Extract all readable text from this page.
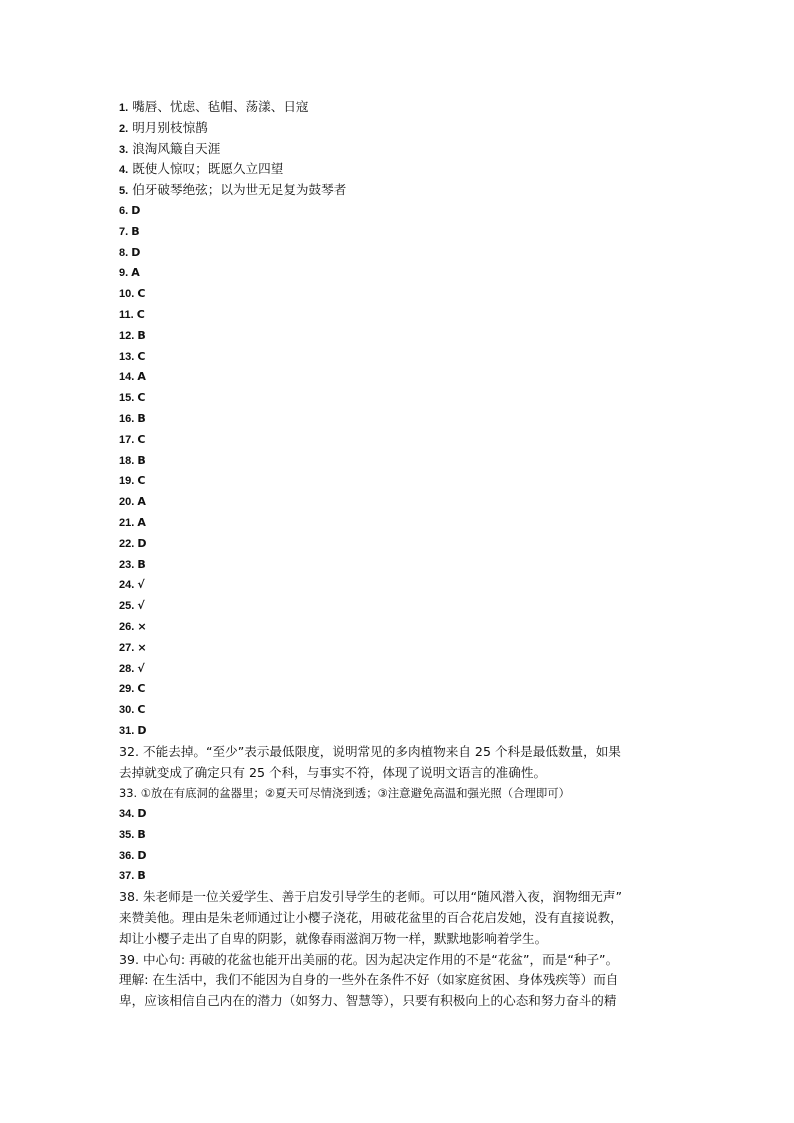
1. 嘴唇、忧虑、毡帽、荡漾、日寇
2. 明月别枝惊鹊
3. 浪淘风簸自天涯
4. 既使人惊叹；既愿久立四望
5. 伯牙破琴绝弦；以为世无足复为鼓琴者
6. D
7. B
8. D
9. A
10. C
11. C
12. B
13. C
14. A
15. C
16. B
17. C
18. B
19. C
20. A
21. A
22. D
23. B
24. √
25. √
26. ×
27. ×
28. √
29. C
30. C
31. D
32. 不能去掉。“至少”表示最低限度，说明常见的多肉植物来自 25 个科是最低数量，如果
去掉就变成了确定只有 25 个科，与事实不符，体现了说明文语言的准确性。
33. ①放在有底洞的盆器里；②夏天可尽情浇到透；③注意避免高温和强光照（合理即可）
34. D
35. B
36. D
37. B
38. 朱老师是一位关爱学生、善于启发引导学生的老师。可以用“随风潜入夜，润物细无声”
来赞美他。理由是朱老师通过让小樱子浇花，用破花盆里的百合花启发她，没有直接说教，
却让小樱子走出了自卑的阴影，就像春雨滋润万物一样，默默地影响着学生。
39. 中心句: 再破的花盆也能开出美丽的花。因为起决定作用的不是“花盆”，而是“种子”。
理解: 在生活中，我们不能因为自身的一些外在条件不好（如家庭贫困、身体残疾等）而自
卑，应该相信自己内在的潜力（如努力、智慧等），只要有积极向上的心态和努力奋斗的精
